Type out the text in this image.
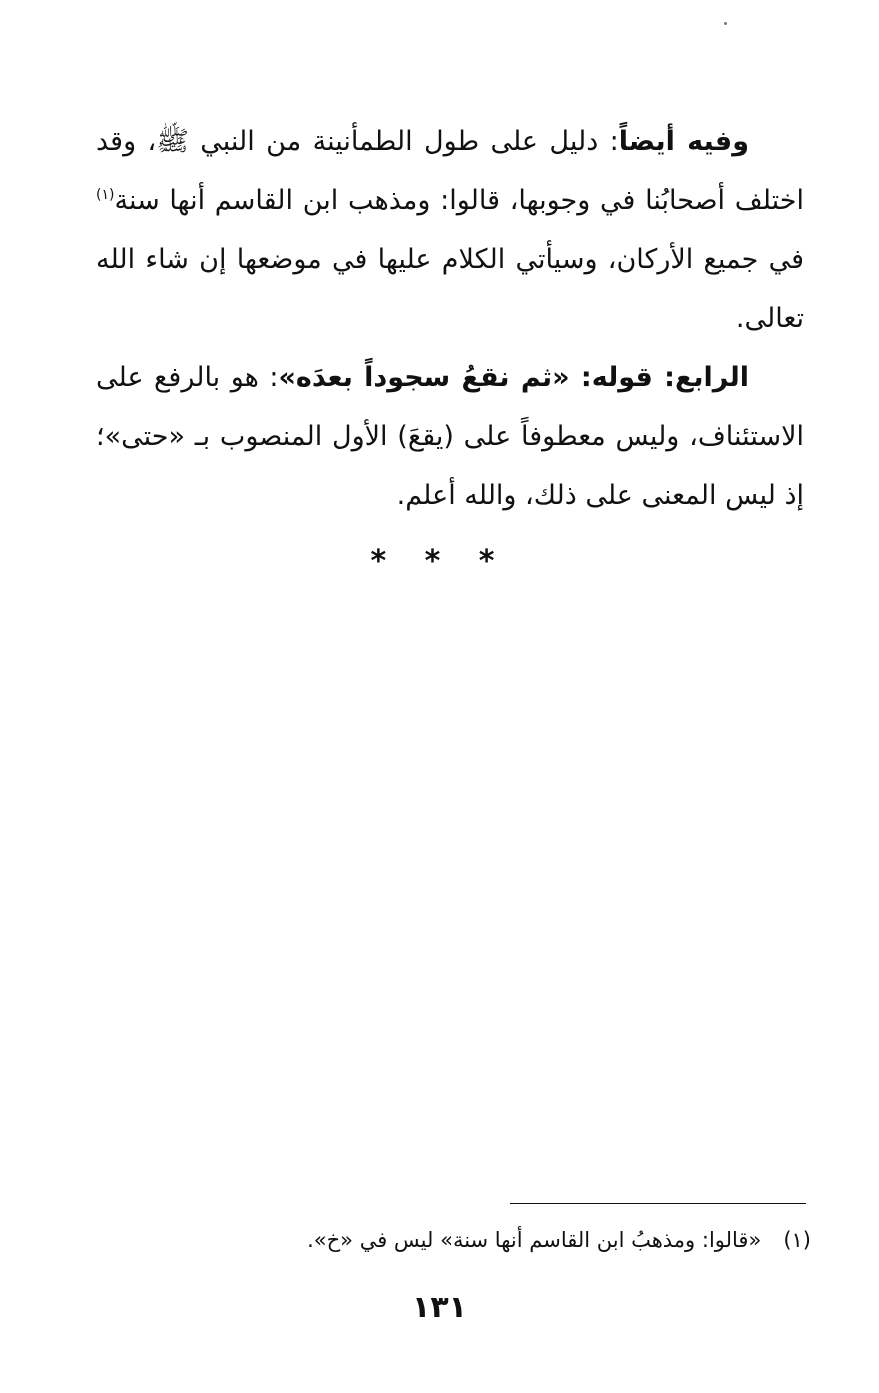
وفيه أيضاً: دليل على طول الطمأنينة من النبي ﷺ، وقد اختلف أصحابُنا في وجوبها، قالوا: ومذهب ابن القاسم أنها سنة$^{(١)}$ في جميع الأركان، وسيأتي الكلام عليها في موضعها إن شاء الله تعالى.

الرابع: قوله: «ثم نقعُ سجوداً بعدَه»: هو بالرفع على الاستئناف، وليس معطوفاً على (يقعَ) الأول المنصوب بـ «حتى»؛ إذ ليس المعنى على ذلك، والله أعلم.

* * *
(١)«قالوا: ومذهبُ ابن القاسم أنها سنة» ليس في «خ».
١٣١
